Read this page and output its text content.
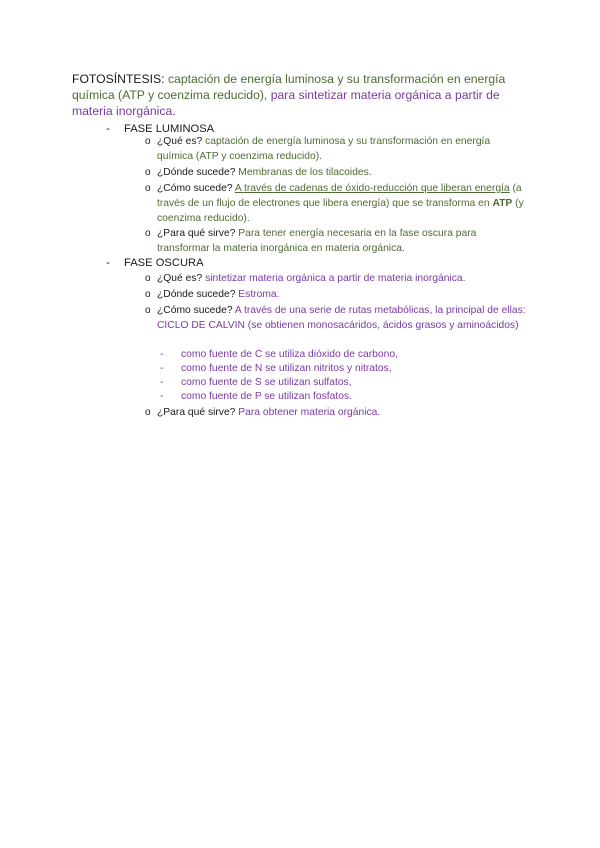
FOTOSÍNTESIS: captación de energía luminosa y su transformación en energía química (ATP y coenzima reducido), para sintetizar materia orgánica a partir de materia inorgánica.
- FASE LUMINOSA
o ¿Qué es? captación de energía luminosa y su transformación en energía química (ATP y coenzima reducido).
o ¿Dónde sucede? Membranas de los tilacoides.
o ¿Cómo sucede? A través de cadenas de óxido-reducción que liberan energía (a través de un flujo de electrones que libera energía) que se transforma en ATP (y coenzima reducido).
o ¿Para qué sirve? Para tener energía necesaria en la fase oscura para transformar la materia inorgánica en materia orgánica.
- FASE OSCURA
o ¿Qué es? sintetizar materia orgánica a partir de materia inorgánica.
o ¿Dónde sucede? Estroma.
o ¿Cómo sucede? A través de una serie de rutas metabólicas, la principal de ellas: CICLO DE CALVIN (se obtienen monosacáridos, ácidos grasos y aminoácidos)
- como fuente de C se utiliza dióxido de carbono,
- como fuente de N se utilizan nitritos y nitratos,
- como fuente de S se utilizan sulfatos,
- como fuente de P se utilizan fosfatos.
o ¿Para qué sirve? Para obtener materia orgánica.
